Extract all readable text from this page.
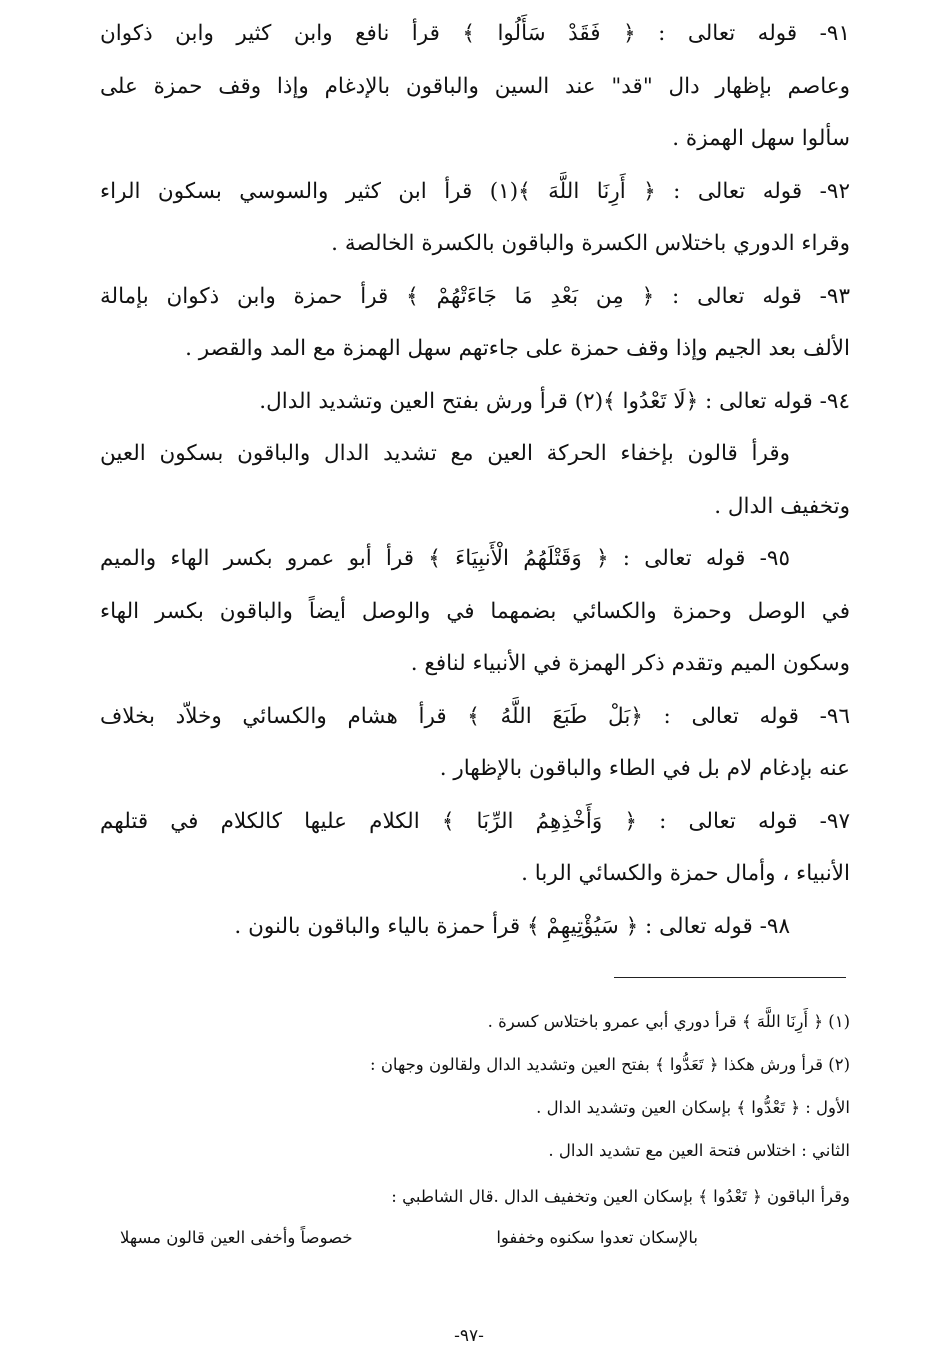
٩١- قوله تعالى : ﴿ فَقَدْ سَأَلُوا ﴾ قرأ نافع وابن كثير وابن ذكوان
وعاصم بإظهار دال "قد" عند السين والباقون بالإدغام وإذا وقف حمزة على
سألوا سهل الهمزة .
٩٢- قوله تعالى : ﴿ أَرِنَا اللَّهَ ﴾(١) قرأ ابن كثير والسوسي بسكون الراء
وقراء الدوري باختلاس الكسرة والباقون بالكسرة الخالصة .
٩٣- قوله تعالى : ﴿ مِن بَعْدِ مَا جَاءَتْهُمْ ﴾ قرأ حمزة وابن ذكوان بإمالة
الألف بعد الجيم وإذا وقف حمزة على جاءتهم سهل الهمزة مع المد والقصر .
٩٤- قوله تعالى : ﴿لَا تَعْدُوا ﴾(٢) قرأ ورش بفتح العين وتشديد الدال.
وقرأ قالون بإخفاء الحركة العين مع تشديد الدال والباقون بسكون العين
وتخفيف الدال .
٩٥- قوله تعالى : ﴿ وَقَتْلَهُمُ الْأَنبِيَاءَ ﴾ قرأ أبو عمرو بكسر الهاء والميم
في الوصل وحمزة والكسائي بضمهما في والوصل أيضاً والباقون بكسر الهاء
وسكون الميم وتقدم ذكر الهمزة في الأنبياء لنافع .
٩٦- قوله تعالى : ﴿بَلْ طَبَعَ اللَّهُ ﴾ قرأ هشام والكسائي وخلاّد بخلاف
عنه بإدغام لام بل في الطاء والباقون بالإظهار .
٩٧- قوله تعالى : ﴿ وَأَخْذِهِمُ الرِّبَا ﴾ الكلام عليها كالكلام في قتلهم
الأنبياء ، وأمال حمزة والكسائي الربا .
٩٨- قوله تعالى : ﴿ سَيُؤْتِيهِمْ ﴾ قرأ حمزة بالياء والباقون بالنون .
(١) ﴿ أَرِنَا اللَّهَ ﴾ قرأ دوري أبي عمرو باختلاس كسرة .
(٢) قرأ ورش هكذا ﴿ تَعَدُّوا ﴾ بفتح العين وتشديد الدال ولقالون وجهان :
الأول : ﴿ تَعْدُّوا ﴾ بإسكان العين وتشديد الدال .
الثاني : اختلاس فتحة العين مع تشديد الدال .
وقرأ الباقون ﴿ تَعْدُوا ﴾ بإسكان العين وتخفيف الدال .قال الشاطبي :
بالإسكان تعدوا سكنوه وخففوا
خصوصاً وأخفى العين قالون مسهلا
-٩٧-
